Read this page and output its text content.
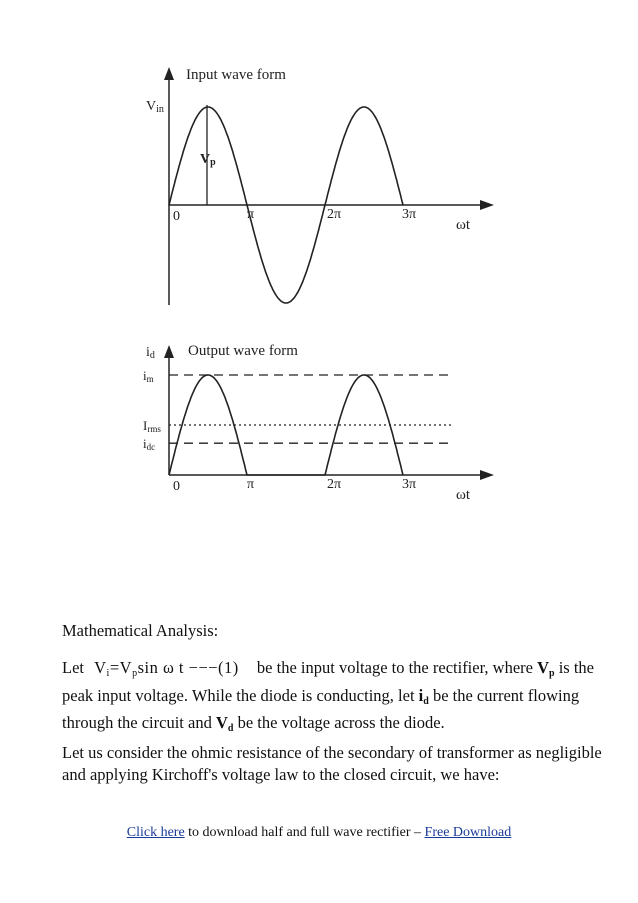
Input wave form
Vin
Vp
0	π	2π	3π
ωt
Output wave form
id
im
Irms
idc
0	π	2π	3π
ωt
Mathematical Analysis:
Let $V_i=V_p\sin$ ω t −−−(1) be the input voltage to the rectifier, where $V_p$ is the peak input voltage. While the diode is conducting, let $i_d$ be the current flowing through the circuit and $V_d$ be the voltage across the diode.
Let us consider the ohmic resistance of the secondary of transformer as negligible and applying Kirchoff's voltage law to the closed circuit, we have:
Click here to download half and full wave rectifier – Free Download
